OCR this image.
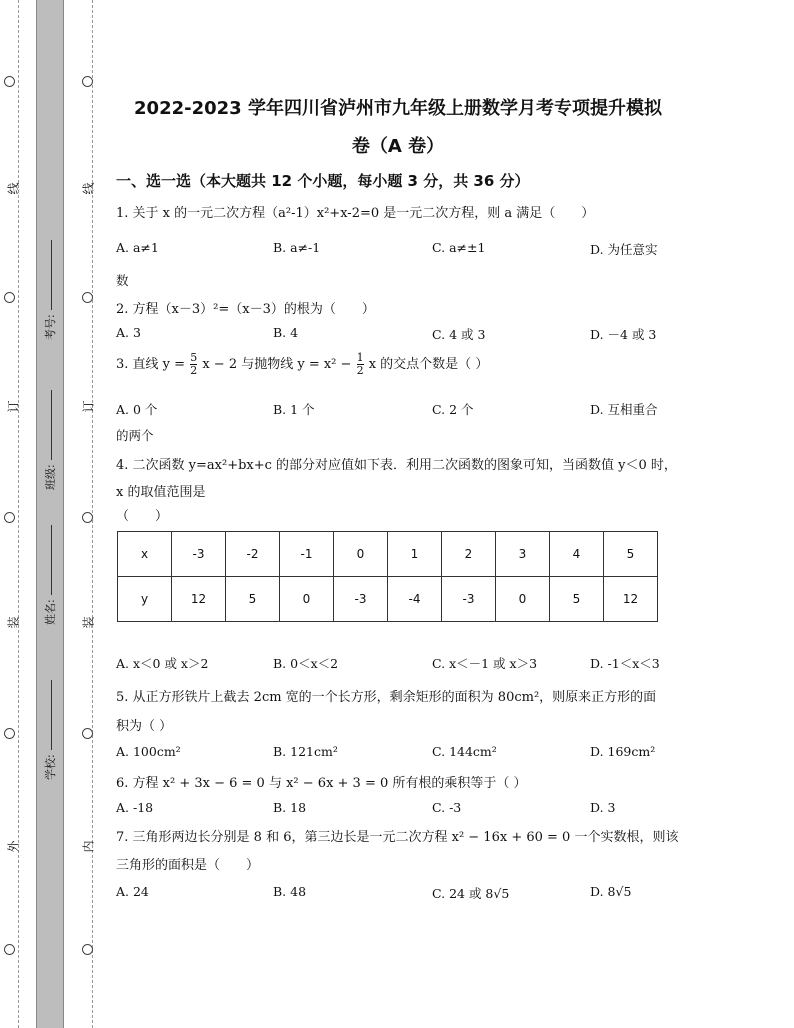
线
订
装
外
线
订
装
内
考号:
班级:
姓名:
学校:
2022-2023 学年四川省泸州市九年级上册数学月考专项提升模拟
卷（A 卷）
一、选一选（本大题共 12 个小题，每小题 3 分，共 36 分）
1. 关于 x 的一元二次方程（a²-1）x²+x-2=0 是一元二次方程，则 a 满足（　　）
A. a≠1	B. a≠-1	C. a≠±1	D. 为任意实
数
2. 方程（x－3）²=（x－3）的根为（　　）
A. 3	B. 4	C. 4 或 3	D. －4 或 3
3. 直线 $y = \frac{5}{2}$ x − 2 与抛物线 $y = x^2 - \frac{1}{2}$ x 的交点个数是（ ）
A. 0 个	B. 1 个	C. 2 个	D. 互相重合
的两个
4. 二次函数 y=ax²+bx+c 的部分对应值如下表．利用二次函数的图象可知，当函数值 y＜0 时，
x 的取值范围是
（　　）
x	-3	-2	-1	0	1	2	3	4	5
y	12	5	0	-3	-4	-3	0	5	12
A. x＜0 或 x＞2	B. 0＜x＜2	C. x＜－1 或 x＞3	D. -1＜x＜3
5. 从正方形铁片上截去 2cm 宽的一个长方形，剩余矩形的面积为 80cm²，则原来正方形的面
积为（ ）
A. 100cm²	B. 121cm²	C. 144cm²	D. 169cm²
6. 方程 x² + 3x − 6 = 0 与 x² − 6x + 3 = 0 所有根的乘积等于（ ）
A. -18	B. 18	C. -3	D. 3
7. 三角形两边长分别是 8 和 6，第三边长是一元二次方程 x² − 16x + 60 = 0 一个实数根，则该
三角形的面积是（　　）
A. 24	B. 48	C. 24 或 8√5	D. 8√5
